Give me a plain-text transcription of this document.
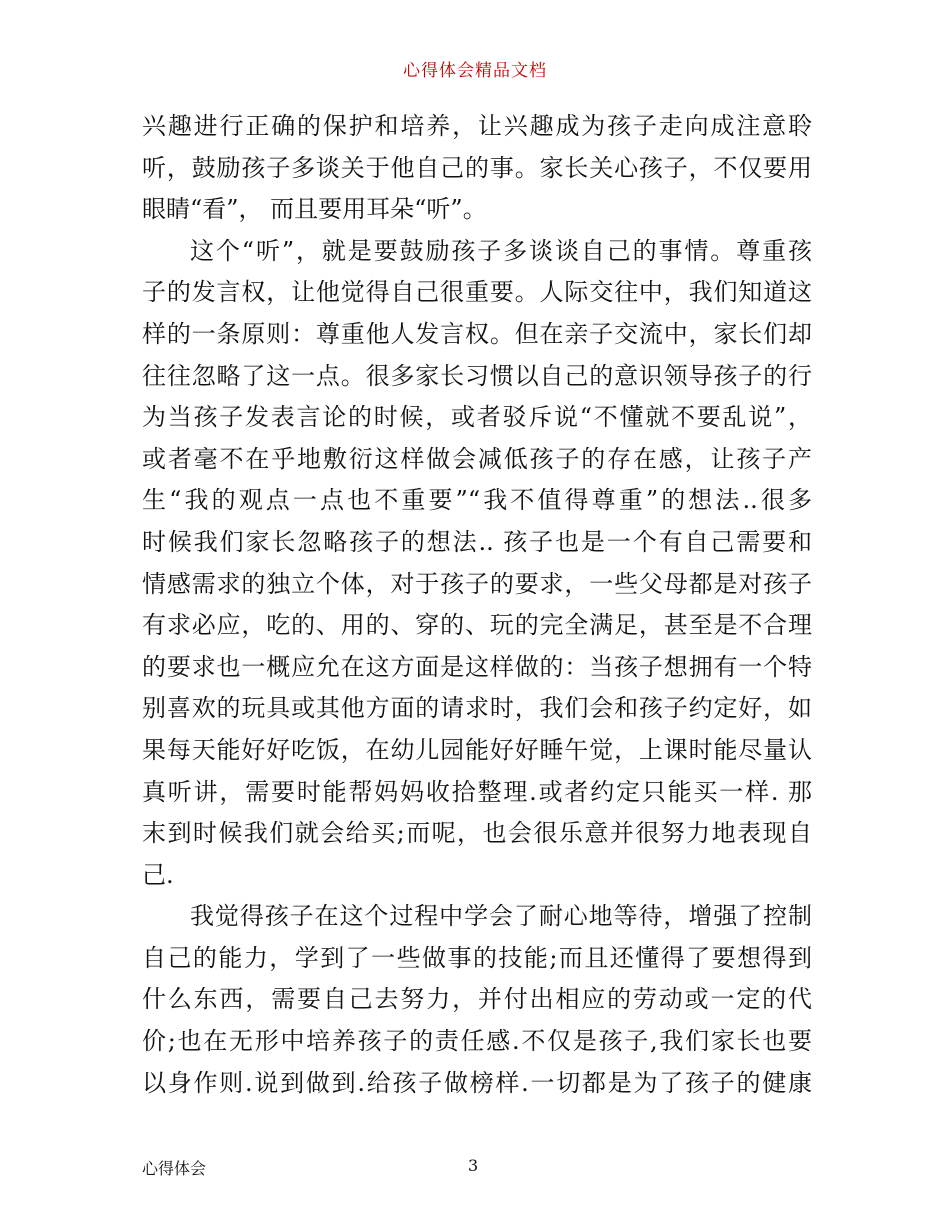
心得体会精品文档

兴趣进行正确的保护和培养，让兴趣成为孩子走向成注意聆
听，鼓励孩子多谈关于他自己的事。家长关心孩子，不仅要用
眼睛“看”， 而且要用耳朵“听”。

这个“听”，就是要鼓励孩子多谈谈自己的事情。尊重孩
子的发言权，让他觉得自己很重要。人际交往中，我们知道这
样的一条原则：尊重他人发言权。但在亲子交流中，家长们却
往往忽略了这一点。很多家长习惯以自己的意识领导孩子的行
为当孩子发表言论的时候，或者驳斥说“不懂就不要乱说”，
或者毫不在乎地敷衍这样做会减低孩子的存在感，让孩子产
生“我的观点一点也不重要”“我不值得尊重”的想法..很多
时候我们家长忽略孩子的想法.. 孩子也是一个有自己需要和
情感需求的独立个体，对于孩子的要求，一些父母都是对孩子
有求必应，吃的、用的、穿的、玩的完全满足，甚至是不合理
的要求也一概应允在这方面是这样做的：当孩子想拥有一个特
别喜欢的玩具或其他方面的请求时，我们会和孩子约定好，如
果每天能好好吃饭，在幼儿园能好好睡午觉，上课时能尽量认
真听讲，需要时能帮妈妈收拾整理.或者约定只能买一样. 那
末到时候我们就会给买;而呢，也会很乐意并很努力地表现自
己.

我觉得孩子在这个过程中学会了耐心地等待，增强了控制
自己的能力，学到了一些做事的技能;而且还懂得了要想得到
什么东西，需要自己去努力，并付出相应的劳动或一定的代
价;也在无形中培养孩子的责任感.不仅是孩子,我们家长也要
以身作则.说到做到.给孩子做榜样.一切都是为了孩子的健康

心得体会	3
